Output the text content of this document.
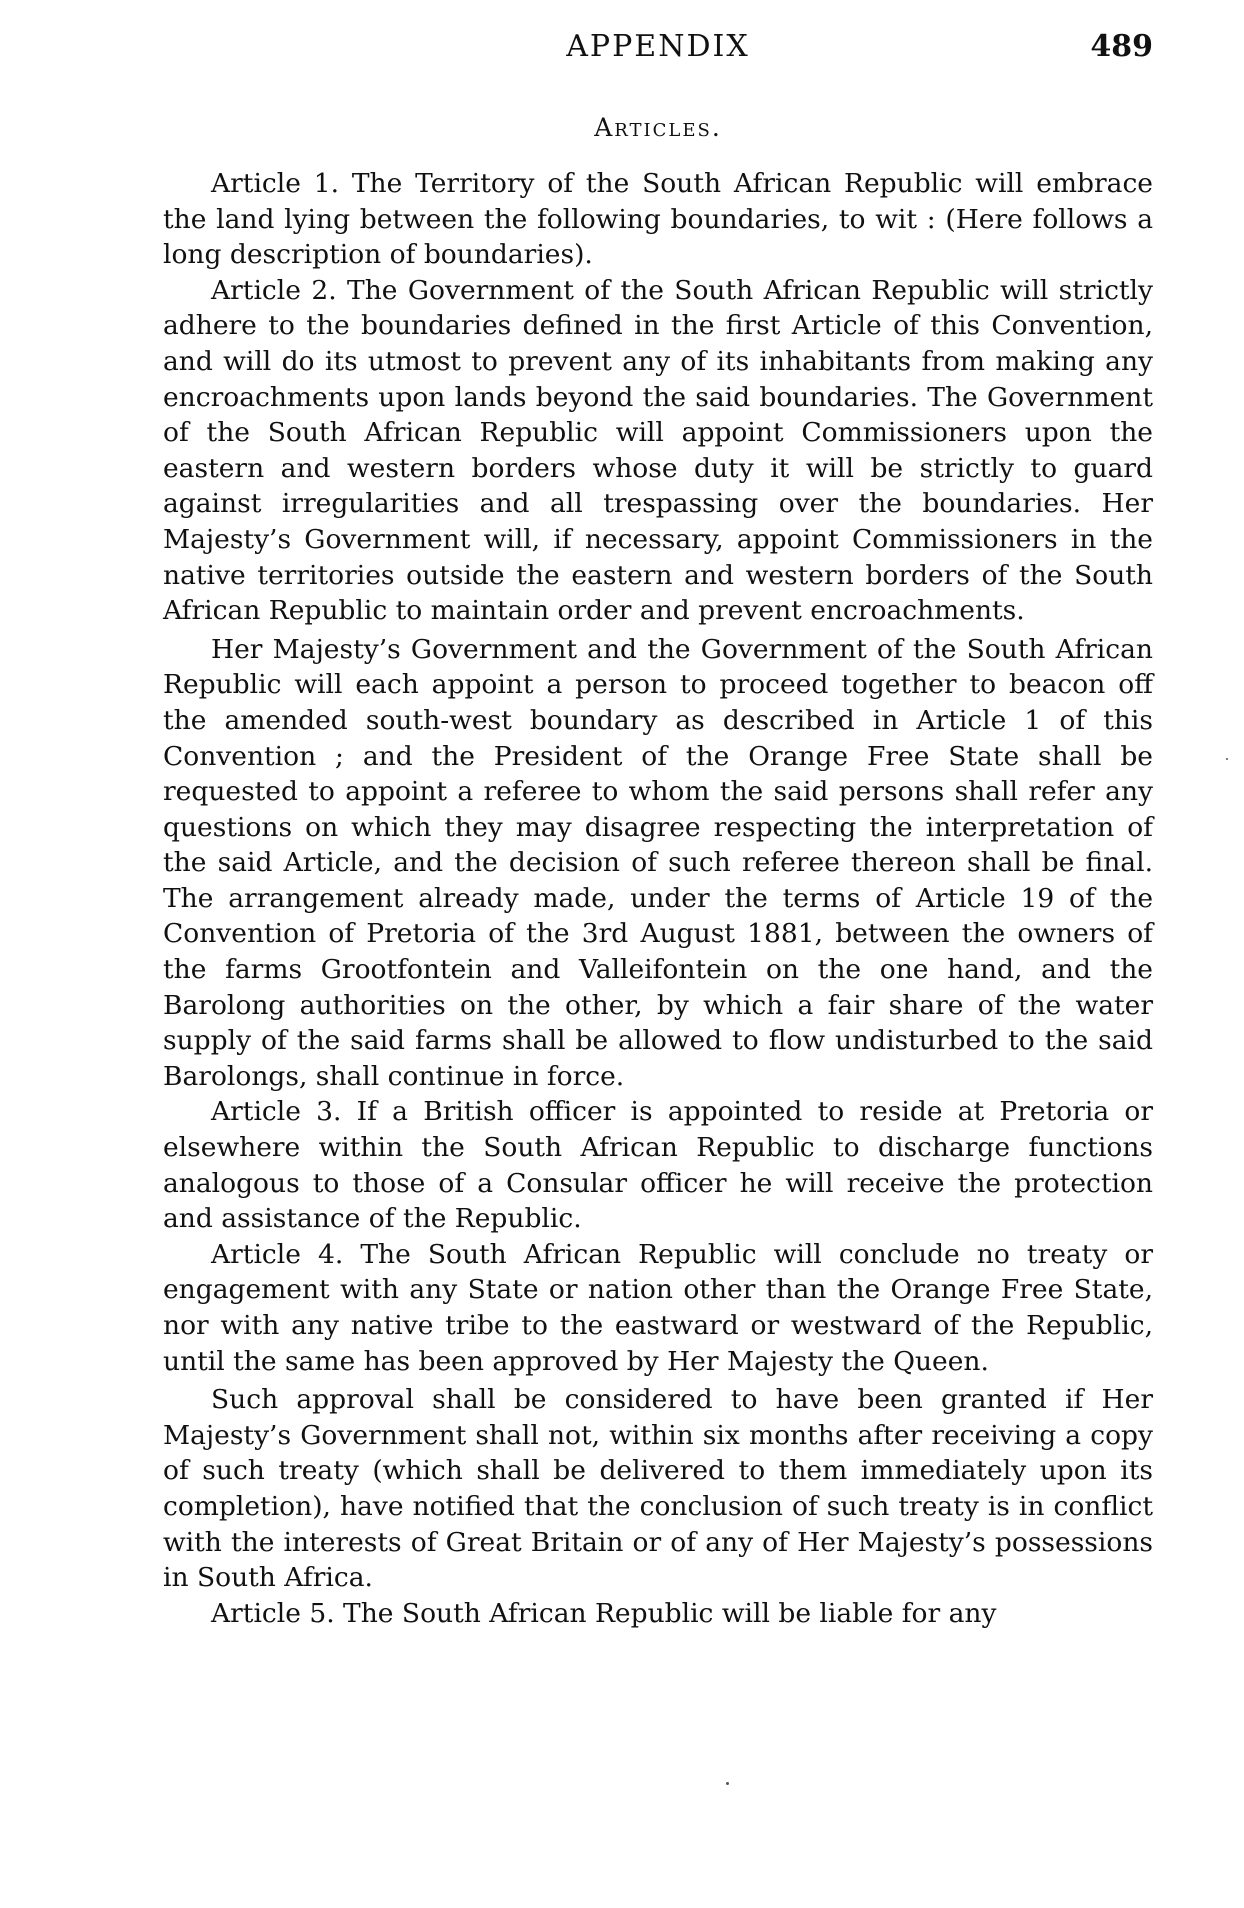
APPENDIX	489
Articles.

Article 1. The Territory of the South African Republic will embrace the land lying between the following boundaries, to wit : (Here follows a long description of boundaries).

Article 2. The Government of the South African Republic will strictly adhere to the boundaries defined in the first Article of this Convention, and will do its utmost to prevent any of its inhabitants from making any encroachments upon lands beyond the said boundaries. The Government of the South African Republic will appoint Commissioners upon the eastern and western borders whose duty it will be strictly to guard against irregularities and all trespassing over the boundaries. Her Majesty’s Government will, if necessary, appoint Commissioners in the native territories outside the eastern and western borders of the South African Republic to maintain order and prevent encroachments.

Her Majesty’s Government and the Government of the South African Republic will each appoint a person to proceed together to beacon off the amended south-west boundary as described in Article 1 of this Convention ; and the President of the Orange Free State shall be requested to appoint a referee to whom the said persons shall refer any questions on which they may disagree respecting the interpretation of the said Article, and the decision of such referee thereon shall be final. The arrangement already made, under the terms of Article 19 of the Convention of Pretoria of the 3rd August 1881, between the owners of the farms Grootfontein and Valleifontein on the one hand, and the Barolong authorities on the other, by which a fair share of the water supply of the said farms shall be allowed to flow undisturbed to the said Barolongs, shall continue in force.

Article 3. If a British officer is appointed to reside at Pretoria or elsewhere within the South African Republic to discharge functions analogous to those of a Consular officer he will receive the protection and assistance of the Republic.

Article 4. The South African Republic will conclude no treaty or engagement with any State or nation other than the Orange Free State, nor with any native tribe to the eastward or westward of the Republic, until the same has been approved by Her Majesty the Queen.

Such approval shall be considered to have been granted if Her Majesty’s Government shall not, within six months after receiving a copy of such treaty (which shall be delivered to them immediately upon its completion), have notified that the conclusion of such treaty is in conflict with the interests of Great Britain or of any of Her Majesty’s possessions in South Africa.

Article 5. The South African Republic will be liable for any
